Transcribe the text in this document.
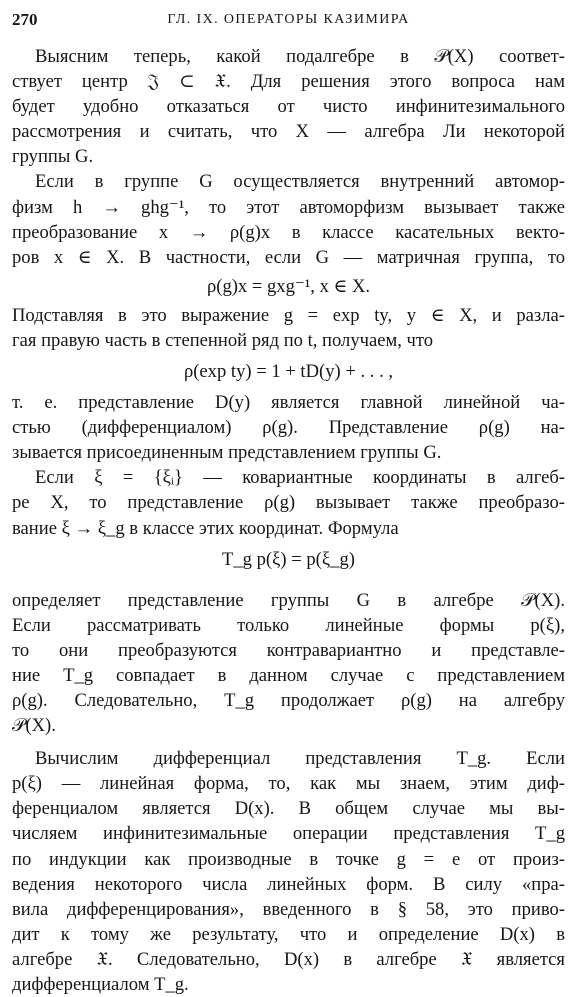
270	ГЛ. IX. ОПЕРАТОРЫ КАЗИМИРА
Выясним теперь, какой подалгебре в 𝒫(X) соответ-
ствует центр 𝔍 ⊂ 𝔛. Для решения этого вопроса нам
будет удобно отказаться от чисто инфинитезимального
рассмотрения и считать, что X — алгебра Ли некоторой
группы G.
Если в группе G осуществляется внутренний автомор-
физм h → ghg⁻¹, то этот автоморфизм вызывает также
преобразование x → ρ(g)x в классе касательных векто-
ров x ∈ X. В частности, если G — матричная группа, то
ρ(g)x = gxg⁻¹, x ∈ X.
Подставляя в это выражение g = exp ty, y ∈ X, и разла-
гая правую часть в степенной ряд по t, получаем, что
ρ(exp ty) = 1 + tD(y) + . . . ,
т. е. представление D(y) является главной линейной ча-
стью (дифференциалом) ρ(g). Представление ρ(g) на-
зывается присоединенным представлением группы G.
Если ξ = {ξᵢ} — ковариантные координаты в алгеб-
ре X, то представление ρ(g) вызывает также преобразо-
вание ξ → ξ_g в классе этих координат. Формула
T_g p(ξ) = p(ξ_g)
определяет представление группы G в алгебре 𝒫(X).
Если рассматривать только линейные формы p(ξ),
то они преобразуются контравариантно и представле-
ние T_g совпадает в данном случае с представлением
ρ(g). Следовательно, T_g продолжает ρ(g) на алгебру
𝒫(X).
Вычислим дифференциал представления T_g. Если
p(ξ) — линейная форма, то, как мы знаем, этим диф-
ференциалом является D(x). В общем случае мы вы-
числяем инфинитезимальные операции представления T_g
по индукции как производные в точке g = e от произ-
ведения некоторого числа линейных форм. В силу «пра-
вила дифференцирования», введенного в § 58, это приво-
дит к тому же результату, что и определение D(x) в
алгебре 𝔛. Следовательно, D(x) в алгебре 𝔛 является
дифференциалом T_g.
